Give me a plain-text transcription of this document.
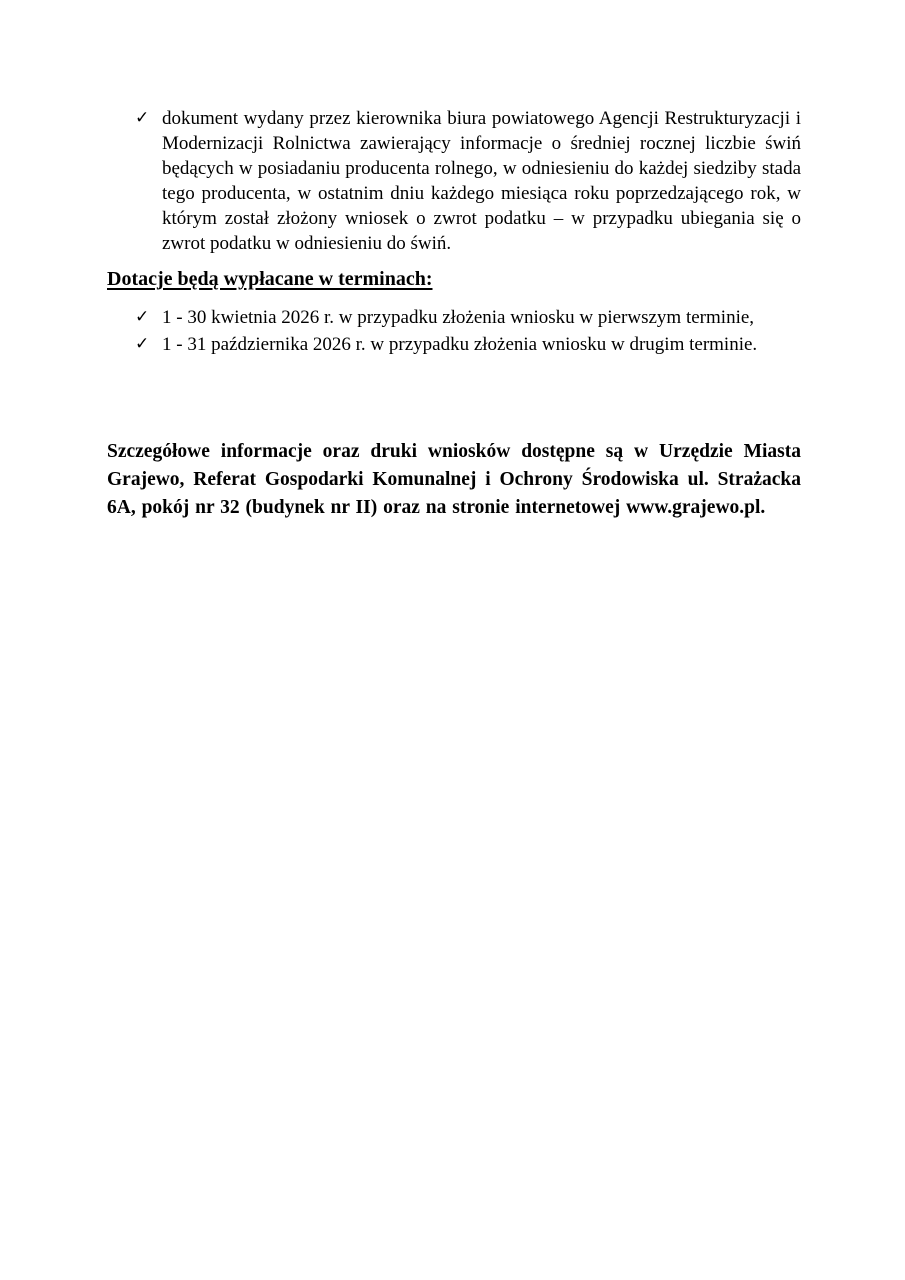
✓ dokument wydany przez kierownika biura powiatowego Agencji Restrukturyzacji i Modernizacji Rolnictwa zawierający informacje o średniej rocznej liczbie świń będących w posiadaniu producenta rolnego, w odniesieniu do każdej siedziby stada tego producenta, w ostatnim dniu każdego miesiąca roku poprzedzającego rok, w którym został złożony wniosek o zwrot podatku – w przypadku ubiegania się o zwrot podatku w odniesieniu do świń.

Dotacje będą wypłacane w terminach:
✓ 1 - 30 kwietnia 2026 r. w przypadku złożenia wniosku w pierwszym terminie,

✓ 1 - 31 października 2026 r. w przypadku złożenia wniosku w drugim terminie.

Szczegółowe informacje oraz druki wniosków dostępne są w Urzędzie Miasta Grajewo, Referat Gospodarki Komunalnej i Ochrony Środowiska ul. Strażacka 6A, pokój nr 32 (budynek nr II) oraz na stronie internetowej www.grajewo.pl.
